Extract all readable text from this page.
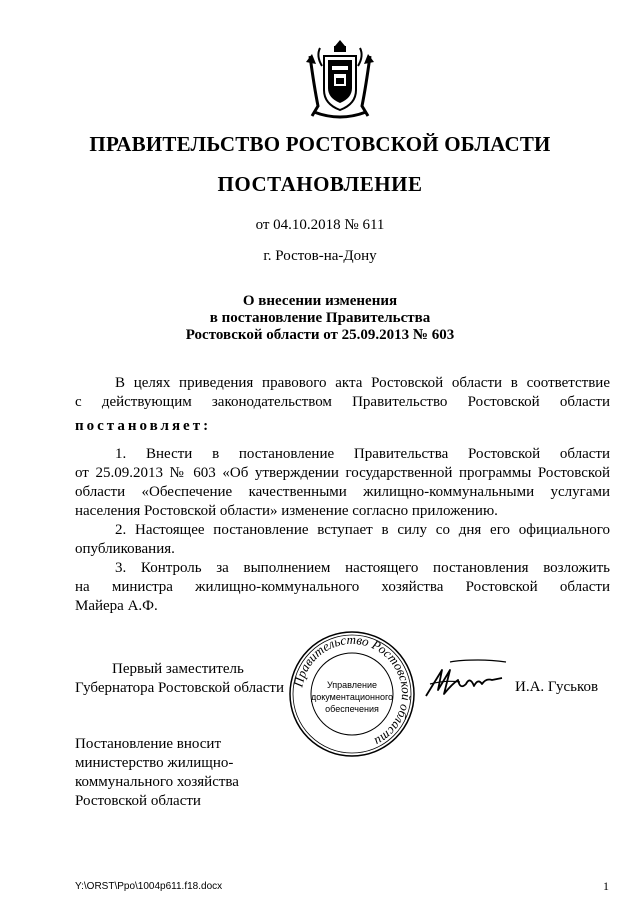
ПРАВИТЕЛЬСТВО РОСТОВСКОЙ ОБЛАСТИ
ПОСТАНОВЛЕНИЕ
от 04.10.2018 № 611
г. Ростов-на-Дону
О внесении изменения
в постановление Правительства
Ростовской области от 25.09.2013 № 603
В целях приведения правового акта Ростовской области в соответствие
с действующим законодательством Правительство Ростовской области
постановляет:
1. Внести в постановление Правительства Ростовской области
от 25.09.2013 № 603 «Об утверждении государственной программы Ростовской области «Обеспечение качественными жилищно-коммунальными услугами населения Ростовской области» изменение согласно приложению.
2. Настоящее постановление вступает в силу со дня его официального опубликования.
3. Контроль за выполнением настоящего постановления возложить
на министра жилищно-коммунального хозяйства Ростовской области
Майера А.Ф.
Первый заместитель
Губернатора Ростовской области Правительство Ростовской области
Управление
документационного
обеспечения
И.А. Гуськов
Постановление вносит
министерство жилищно-
коммунального хозяйства
Ростовской области
Y:\ORST\Ppo\1004p611.f18.docx	1
